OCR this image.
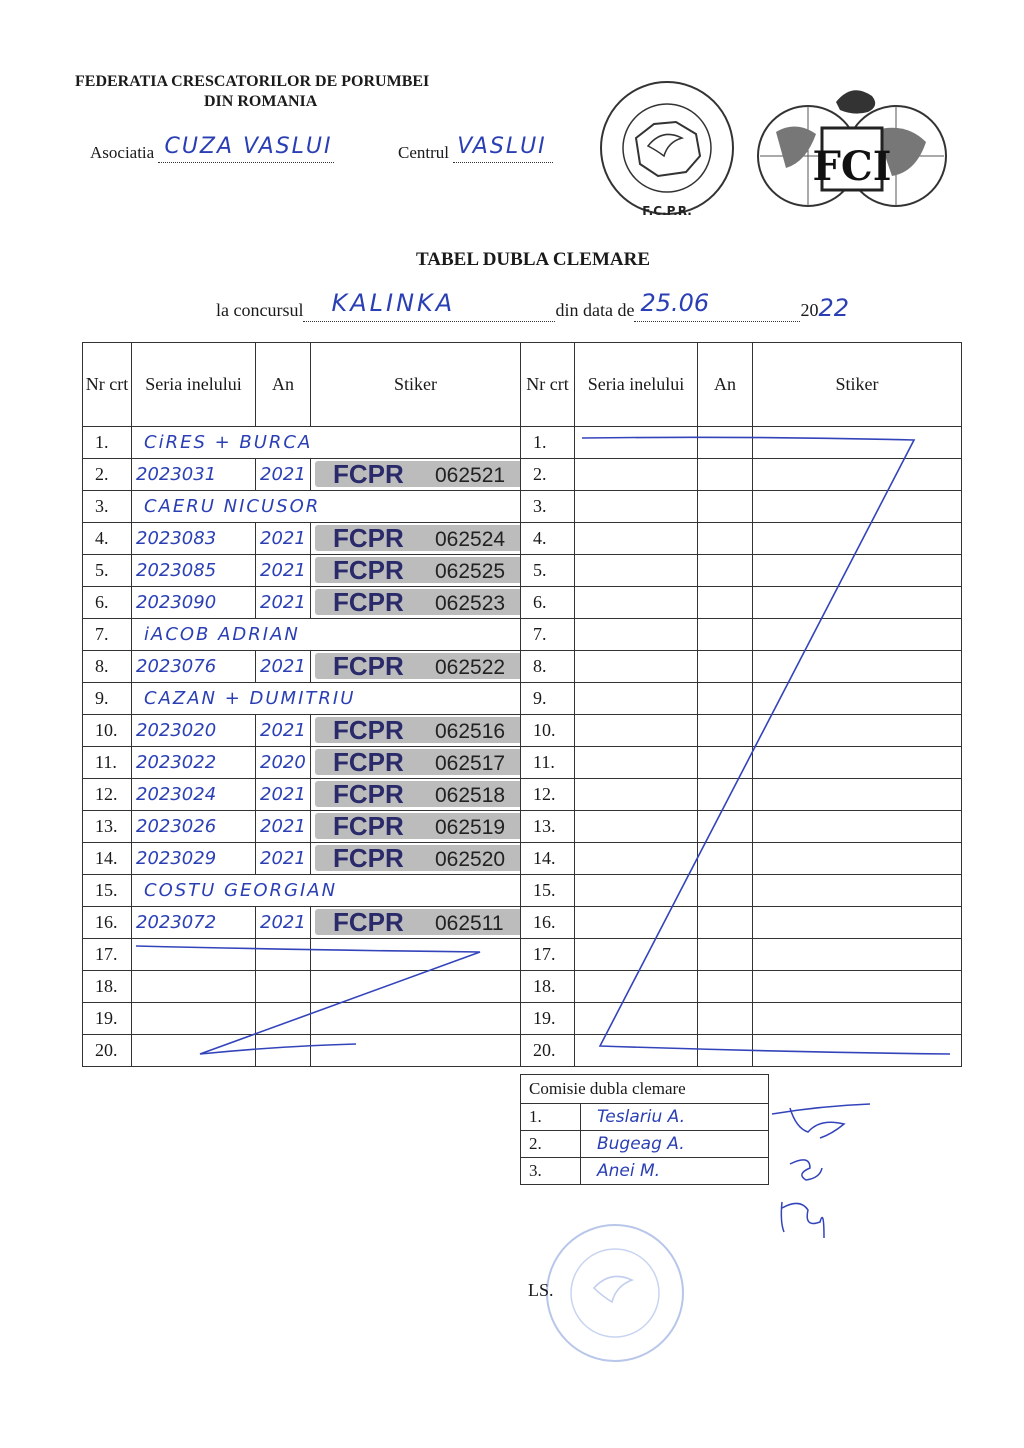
FEDERATIA CRESCATORILOR DE PORUMBEI
DIN ROMANIA
Asociatia CUZA VASLUI	Centrul VASLUI
F.C.P.R.
FCI
TABEL DUBLA CLEMARE
la concursul KALINKA	din data de 25.06	2022
Nr crt	Seria inelului	An	Stiker	Nr crt	Seria inelului	An	Stiker
1.	CiRES + BURCA			1.			
2.	2023031	2021	FCPR 062521	2.			
3.	CAERU NICUSOR			3.			
4.	2023083	2021	FCPR 062524	4.			
5.	2023085	2021	FCPR 062525	5.			
6.	2023090	2021	FCPR 062523	6.			
7.	iACOB ADRIAN			7.			
8.	2023076	2021	FCPR 062522	8.			
9.	CAZAN + DUMITRIU			9.			
10.	2023020	2021	FCPR 062516	10.			
11.	2023022	2020	FCPR 062517	11.			
12.	2023024	2021	FCPR 062518	12.			
13.	2023026	2021	FCPR 062519	13.			
14.	2023029	2021	FCPR 062520	14.			
15.	COSTU GEORGIAN			15.			
16.	2023072	2021	FCPR 062511	16.			
17.				17.			
18.				18.			
19.				19.			
20.				20.			
Comisie dubla clemare	
1.	Teslariu A.
2.	Bugeag A.
3.	Anei M.
LS.
